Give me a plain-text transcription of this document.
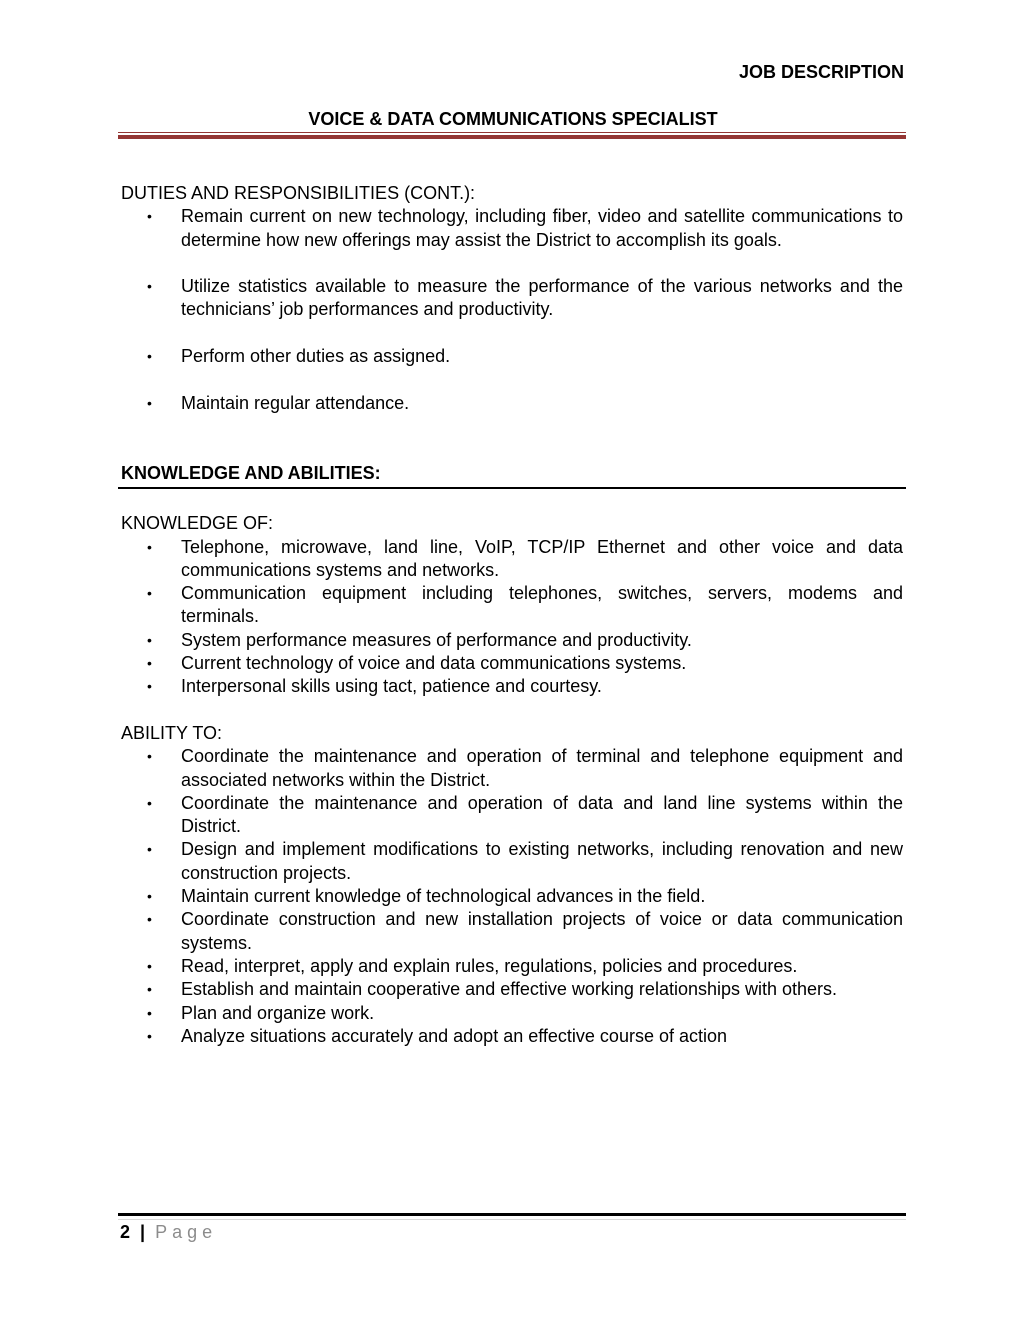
JOB DESCRIPTION
VOICE & DATA COMMUNICATIONS SPECIALIST
DUTIES AND RESPONSIBILITIES (CONT.):
• Remain current on new technology, including fiber, video and satellite communications to determine how new offerings may assist the District to accomplish its goals.
• Utilize statistics available to measure the performance of the various networks and the technicians’ job performances and productivity.
• Perform other duties as assigned.
• Maintain regular attendance.
KNOWLEDGE AND ABILITIES:
KNOWLEDGE OF:
• Telephone, microwave, land line, VoIP, TCP/IP Ethernet and other voice and data communications systems and networks.
• Communication equipment including telephones, switches, servers, modems and terminals.
• System performance measures of performance and productivity.
• Current technology of voice and data communications systems.
• Interpersonal skills using tact, patience and courtesy.
ABILITY TO:
• Coordinate the maintenance and operation of terminal and telephone equipment and associated networks within the District.
• Coordinate the maintenance and operation of data and land line systems within the District.
• Design and implement modifications to existing networks, including renovation and new construction projects.
• Maintain current knowledge of technological advances in the field.
• Coordinate construction and new installation projects of voice or data communication systems.
• Read, interpret, apply and explain rules, regulations, policies and procedures.
• Establish and maintain cooperative and effective working relationships with others.
• Plan and organize work.
• Analyze situations accurately and adopt an effective course of action
2 | Page
